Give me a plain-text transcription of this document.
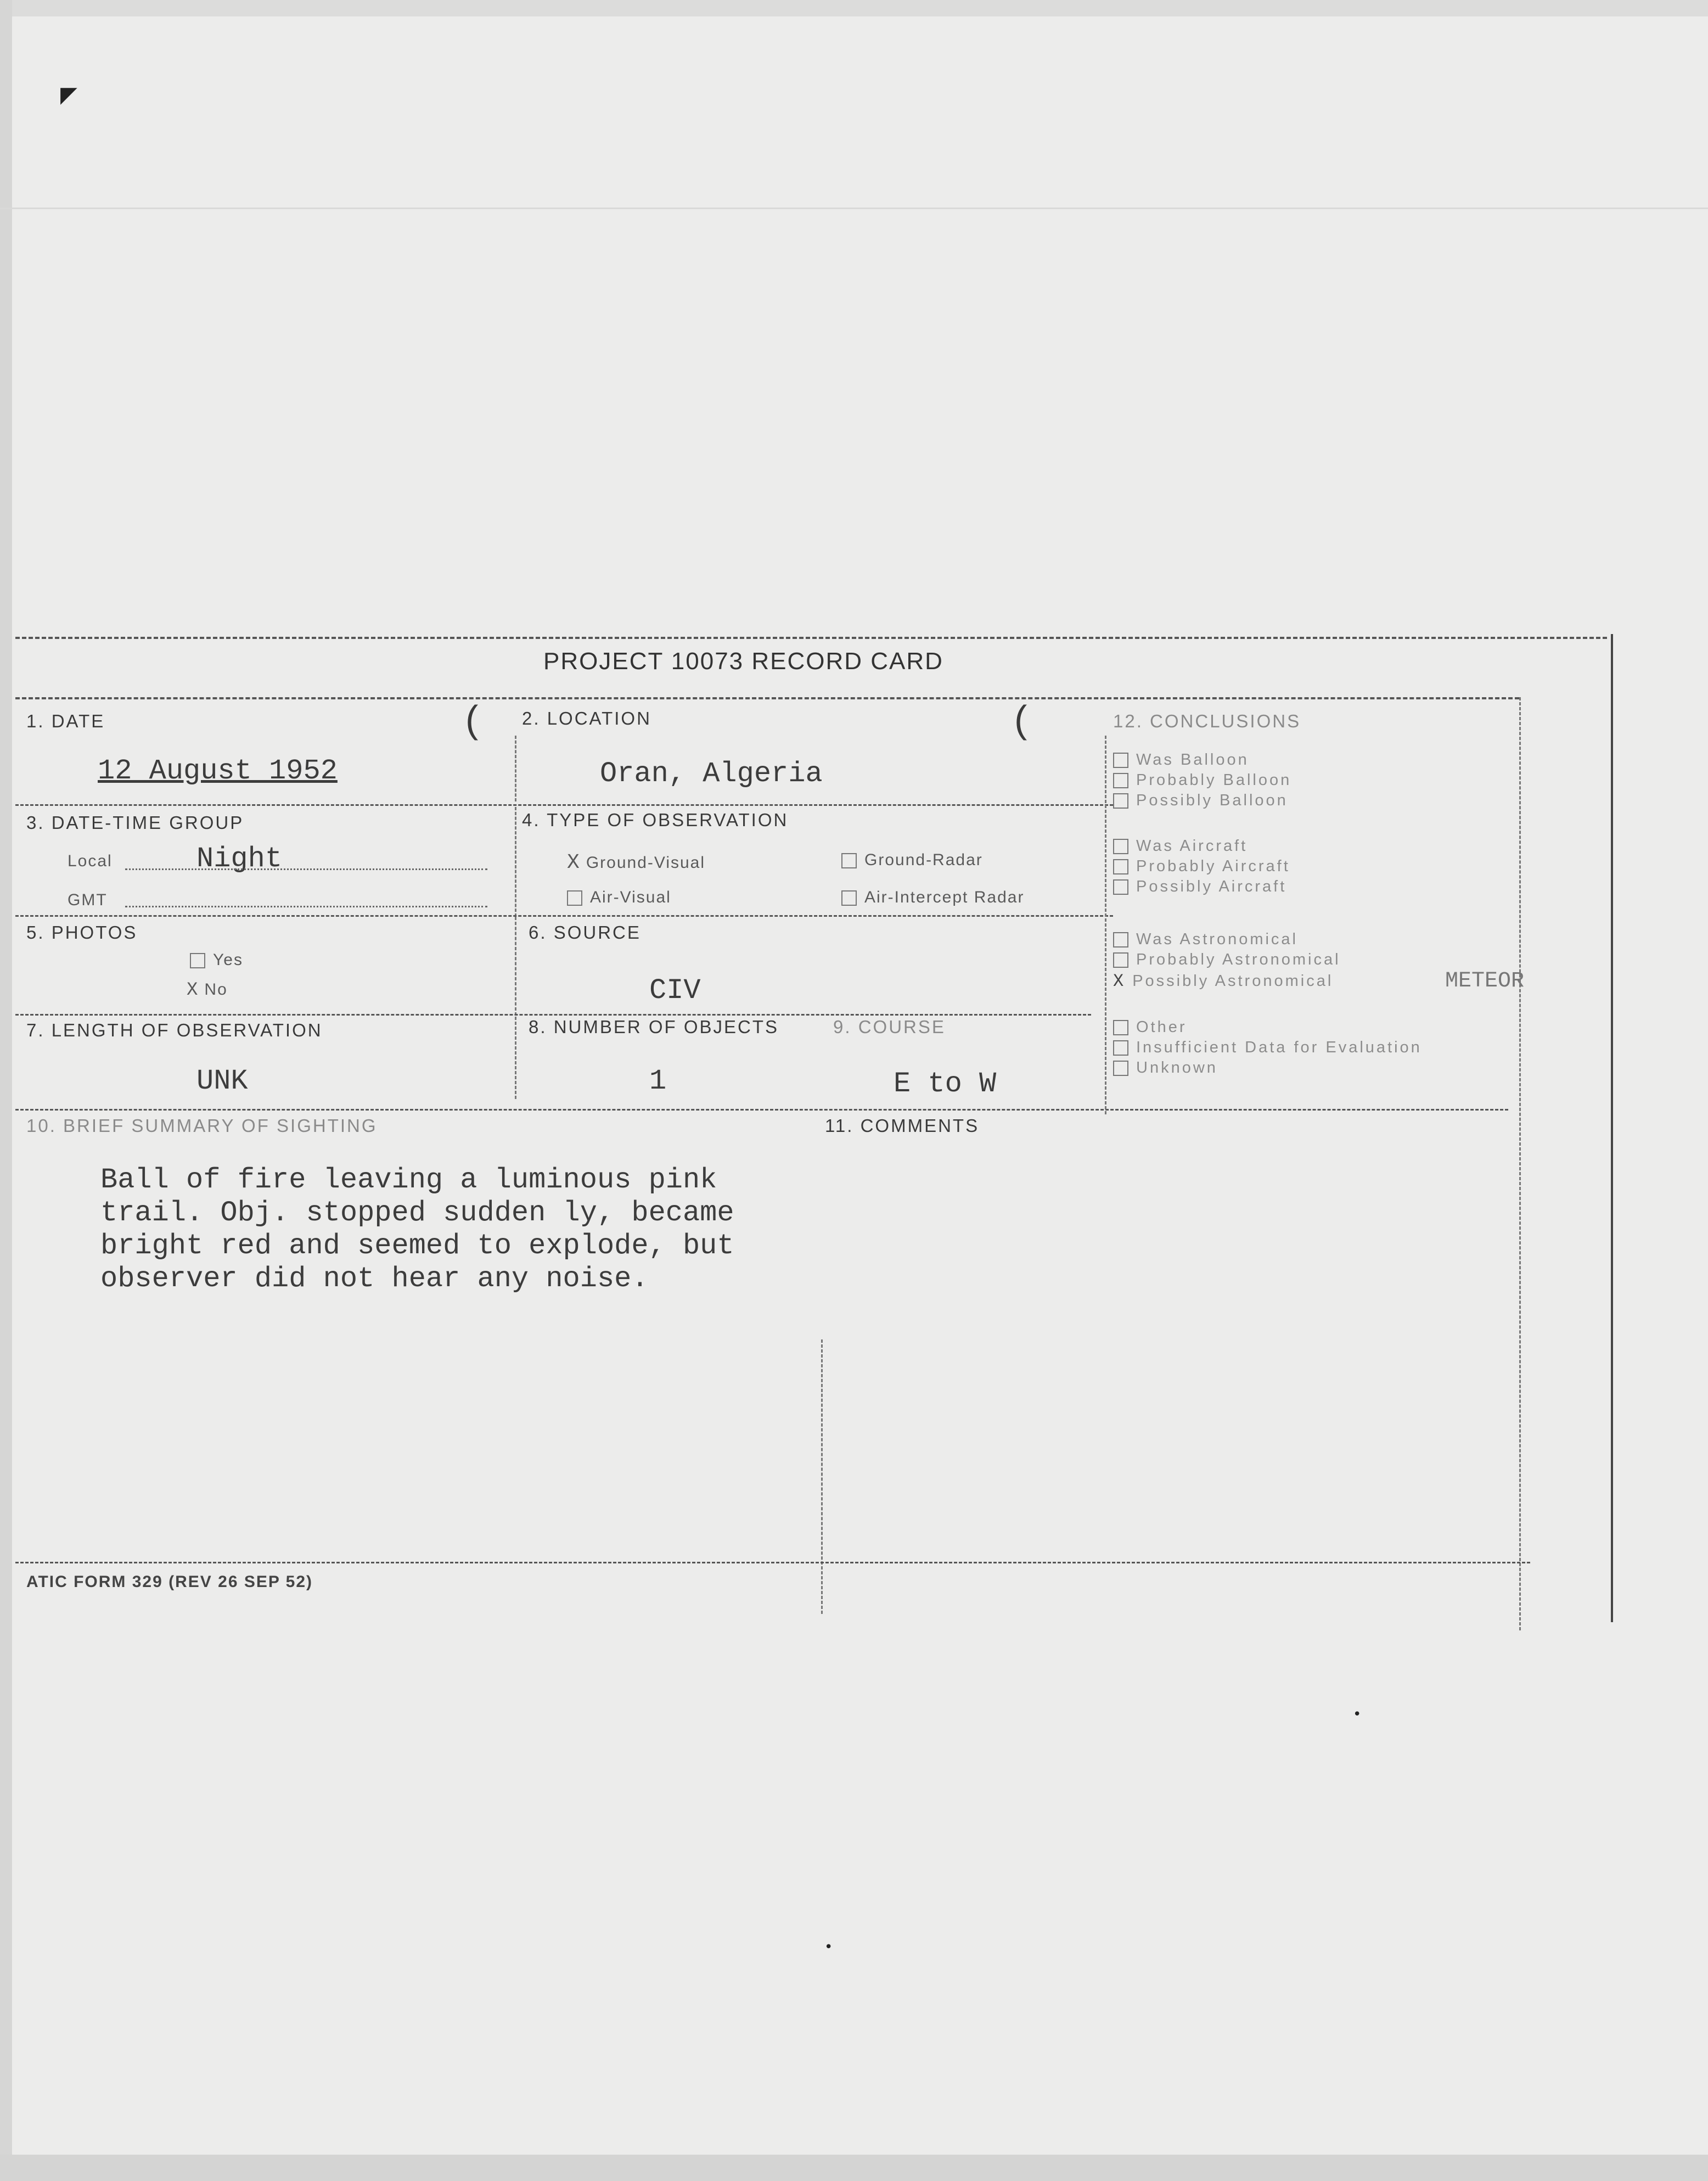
◤
PROJECT 10073 RECORD CARD
1. DATE
12 August 1952
2. LOCATION
Oran, Algeria
(	(
3. DATE-TIME GROUP
Local	Night
GMT
4. TYPE OF OBSERVATION
X Ground-Visual	Ground-Radar
Air-Visual	Air-Intercept Radar
5. PHOTOS
Yes
X No
6. SOURCE
CIV
7. LENGTH OF OBSERVATION
UNK
8. NUMBER OF OBJECTS
1
9. COURSE
E to W
10. BRIEF SUMMARY OF SIGHTING
Ball of fire leaving a luminous pink
trail. Obj. stopped sudden ly, became
bright red and seemed to explode, but
observer did not hear any noise.
11. COMMENTS
12. CONCLUSIONS
Was Balloon
Probably Balloon
Possibly Balloon
Was Aircraft
Probably Aircraft
Possibly Aircraft
Was Astronomical
Probably Astronomical
X Possibly Astronomical	METEOR
Other
Insufficient Data for Evaluation
Unknown
ATIC FORM 329 (REV 26 SEP 52)
•
•
